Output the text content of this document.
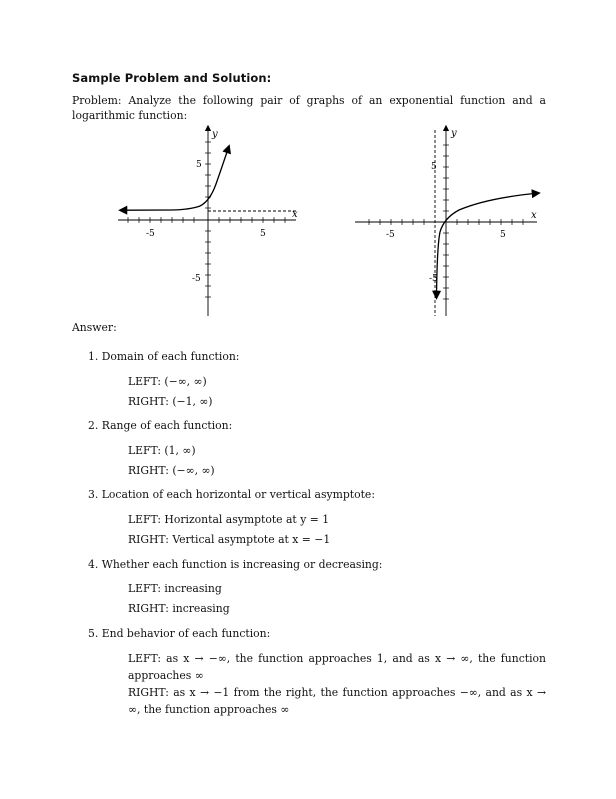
Sample Problem and Solution:
Problem: Analyze the following pair of graphs of an exponential function and a logarithmic function:
y
x
5
-5
-5	5
y
x
5
-5
-5	5
Answer:
1. Domain of each function:
LEFT: (−∞, ∞)
RIGHT: (−1, ∞)
2. Range of each function:
LEFT: (1, ∞)
RIGHT: (−∞, ∞)
3. Location of each horizontal or vertical asymptote:
LEFT: Horizontal asymptote at y = 1
RIGHT: Vertical asymptote at x = −1
4. Whether each function is increasing or decreasing:
LEFT: increasing
RIGHT: increasing
5. End behavior of each function:
LEFT: as x → −∞, the function approaches 1, and as x → ∞, the function approaches ∞
RIGHT: as x → −1 from the right, the function approaches −∞, and as x → ∞, the function approaches ∞
